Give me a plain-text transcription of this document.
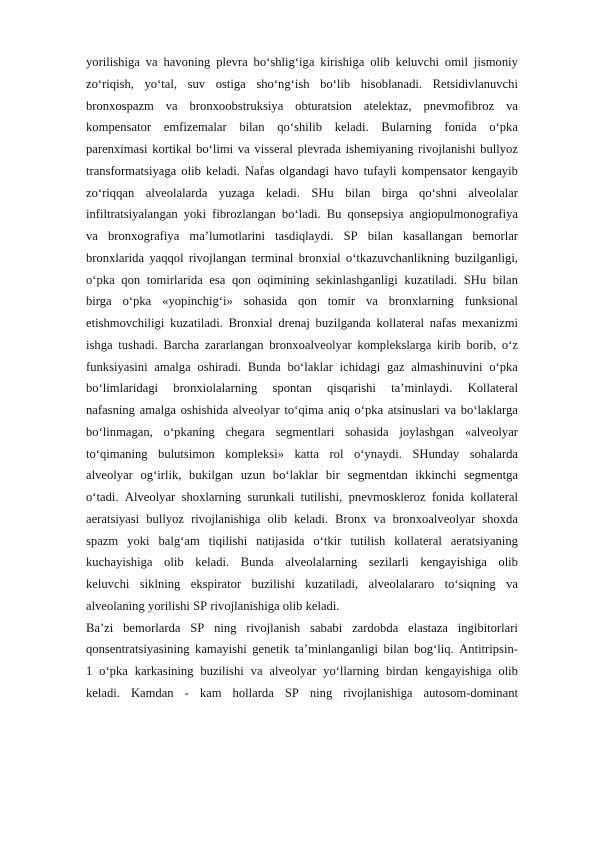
yorilishiga va havoning plevra bo‘shlig‘iga kirishiga olib keluvchi omil jismoniy
zo‘riqish, yo‘tal, suv ostiga sho‘ng‘ish bo‘lib hisoblanadi. Retsidivlanuvchi
bronxospazm va bronxoobstruksiya obturatsion atelektaz, pnevmofibroz va
kompensator emfizemalar bilan qo‘shilib keladi. Bularning fonida o‘pka
parenximasi kortikal bo‘limi va visseral plevrada ishemiyaning rivojlanishi bullyoz
transformatsiyaga olib keladi. Nafas olgandagi havo tufayli kompensator kengayib
zo‘riqqan alveolalarda yuzaga keladi. SHu bilan birga qo‘shni alveolalar
infiltratsiyalangan yoki fibrozlangan bo‘ladi. Bu qonsepsiya angiopulmonografiya
va bronxografiya ma’lumotlarini tasdiqlaydi. SP bilan kasallangan bemorlar
bronxlarida yaqqol rivojlangan terminal bronxial o‘tkazuvchanlikning buzilganligi,
o‘pka qon tomirlarida esa qon oqimining sekinlashganligi kuzatiladi. SHu bilan
birga o‘pka «yopinchig‘i» sohasida qon tomir va bronxlarning funksional
etishmovchiligi kuzatiladi. Bronxial drenaj buzilganda kollateral nafas mexanizmi
ishga tushadi. Barcha zararlangan bronxoalveolyar komplekslarga kirib borib, o‘z
funksiyasini amalga oshiradi. Bunda bo‘laklar ichidagi gaz almashinuvini o‘pka
bo‘limlaridagi bronxiolalarning spontan qisqarishi ta’minlaydi. Kollateral
nafasning amalga oshishida alveolyar to‘qima aniq o‘pka atsinuslari va bo‘laklarga
bo‘linmagan, o‘pkaning chegara segmentlari sohasida joylashgan «alveolyar
to‘qimaning bulutsimon kompleksi» katta rol o‘ynaydi. SHunday sohalarda
alveolyar og‘irlik, bukilgan uzun bo‘laklar bir segmentdan ikkinchi segmentga
o‘tadi. Alveolyar shoxlarning surunkali tutilishi, pnevmoskleroz fonida kollateral
aeratsiyasi bullyoz rivojlanishiga olib keladi. Bronx va bronxoalveolyar shoxda
spazm yoki balg‘am tiqilishi natijasida o‘tkir tutilish kollateral aeratsiyaning
kuchayishiga olib keladi. Bunda alveolalarning sezilarli kengayishiga olib
keluvchi siklning ekspirator buzilishi kuzatiladi, alveolalararo to‘siqning va
alveolaning yorilishi SP rivojlanishiga olib keladi.
Ba’zi bemorlarda SP ning rivojlanish sababi zardobda elastaza ingibitorlari
qonsentratsiyasining kamayishi genetik ta’minlanganligi bilan bog‘liq. Antitripsin-
1 o‘pka karkasining buzilishi va alveolyar yo‘llarning birdan kengayishiga olib
keladi. Kamdan - kam hollarda SP ning rivojlanishiga autosom-dominant
